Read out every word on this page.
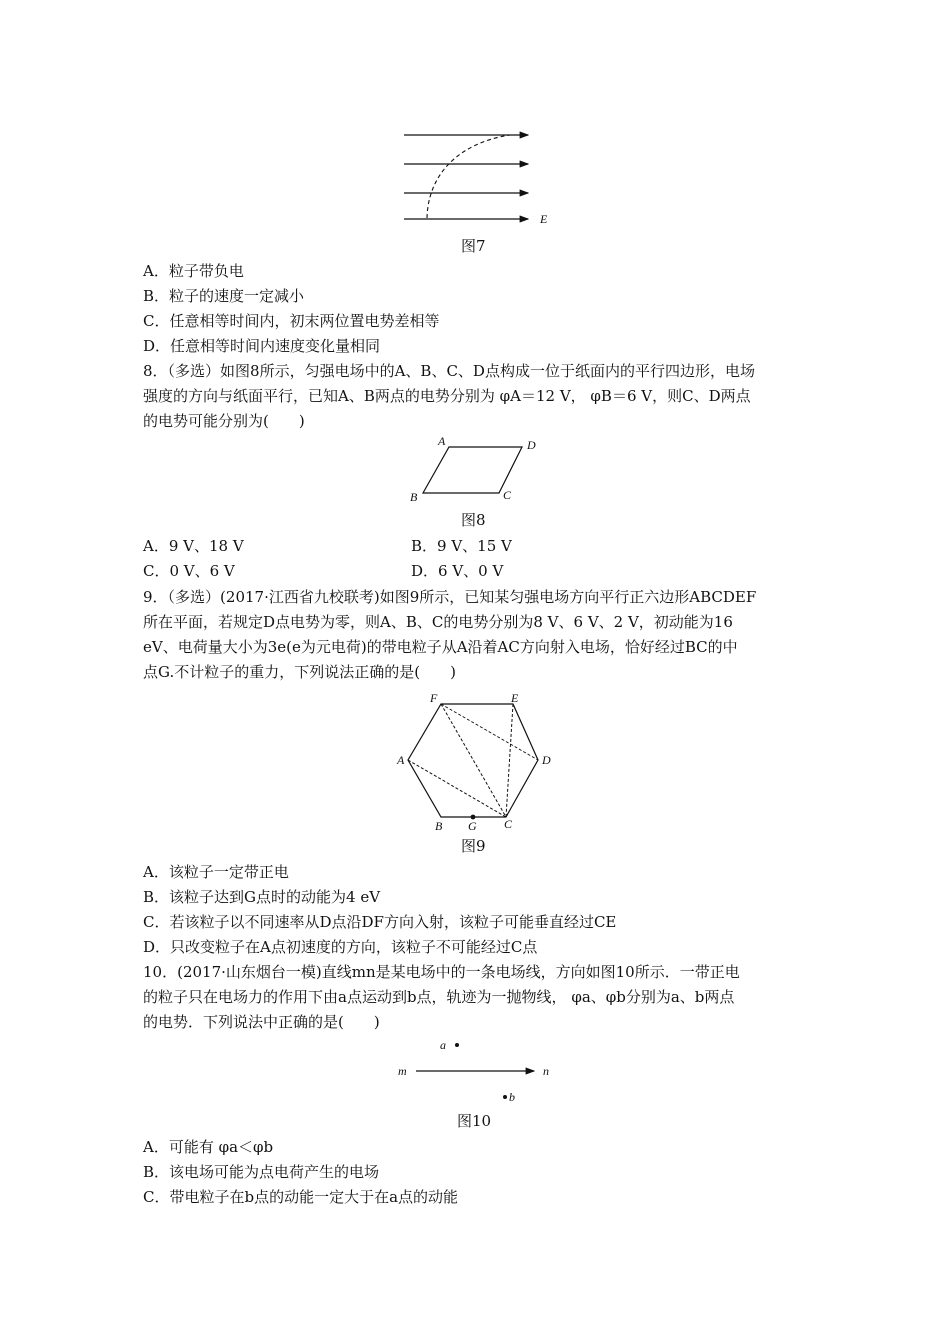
E
图7
A．粒子带负电
B．粒子的速度一定减小
C．任意相等时间内，初末两位置电势差相等
D．任意相等时间内速度变化量相同
8．（多选）如图8所示，匀强电场中的A、B、C、D点构成一位于纸面内的平行四边形，电场
强度的方向与纸面平行，已知A、B两点的电势分别为 φA＝12 V， φB＝6 V，则C、D两点
的电势可能分别为(　　)
A	D
B	C
图8
A．9 V、18 V	B．9 V、15 V
C．0 V、6 V	D．6 V、0 V
9．（多选）(2017·江西省九校联考)如图9所示，已知某匀强电场方向平行正六边形ABCDEF
所在平面，若规定D点电势为零，则A、B、C的电势分别为8 V、6 V、2 V，初动能为16
eV、电荷量大小为3e(e为元电荷)的带电粒子从A沿着AC方向射入电场，恰好经过BC的中
点G.不计粒子的重力，下列说法正确的是(　　)
F	E
A	D
B G C
图9
A．该粒子一定带正电
B．该粒子达到G点时的动能为4 eV
C．若该粒子以不同速率从D点沿DF方向入射，该粒子可能垂直经过CE
D．只改变粒子在A点初速度的方向，该粒子不可能经过C点
10．(2017·山东烟台一模)直线mn是某电场中的一条电场线，方向如图10所示．一带正电
的粒子只在电场力的作用下由a点运动到b点，轨迹为一抛物线， φa、φb分别为a、b两点
的电势．下列说法中正确的是(　　)
a
m	n
b
图10
A．可能有 φa＜φb
B．该电场可能为点电荷产生的电场
C．带电粒子在b点的动能一定大于在a点的动能
